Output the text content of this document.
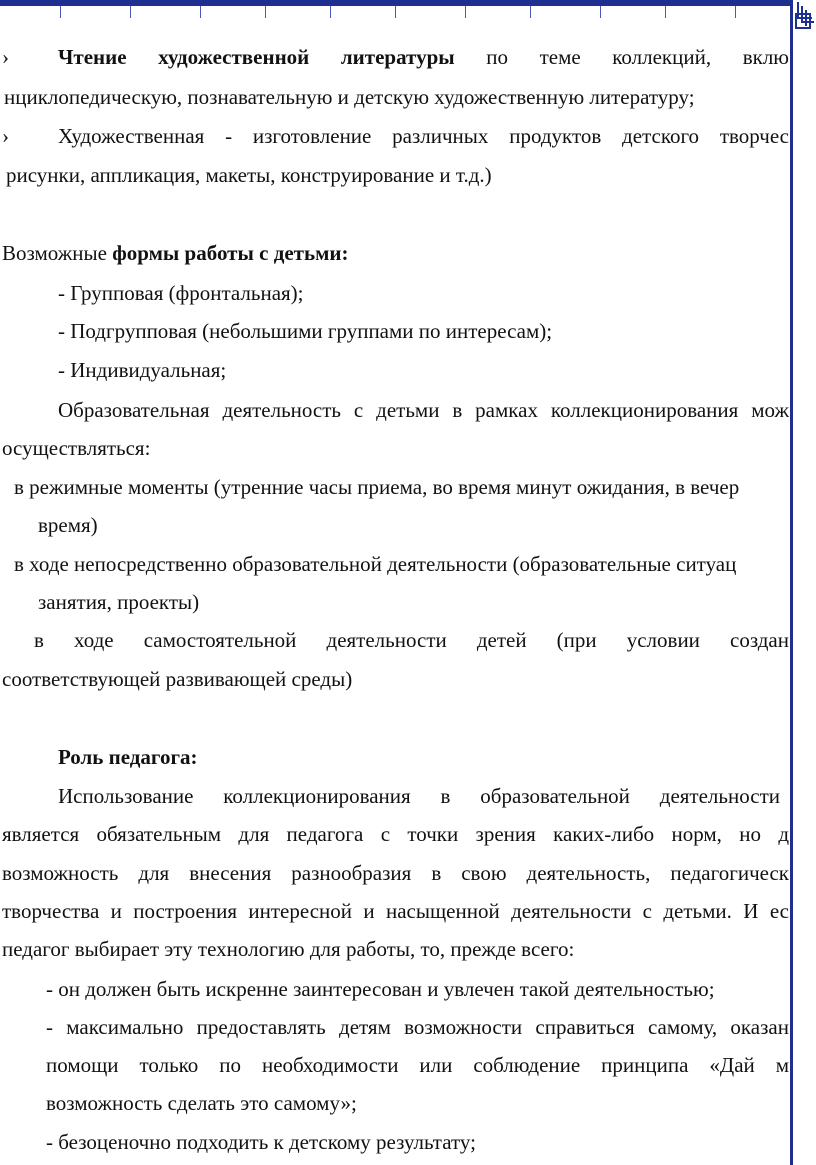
› Чтение художественной литературы по теме коллекций, вклю
нциклопедическую, познавательную и детскую художественную литературу;
› Художественная - изготовление различных продуктов детского творчес
рисунки, аппликация, макеты, конструирование и т.д.)
Возможные формы работы с детьми:
- Групповая (фронтальная);
- Подгрупповая (небольшими группами по интересам);
- Индивидуальная;
Образовательная деятельность с детьми в рамках коллекционирования мож
осуществляться:
в режимные моменты (утренние часы приема, во время минут ожидания, в вечер
время)
в ходе непосредственно образовательной деятельности (образовательные ситуац
занятия, проекты)
в ходе самостоятельной деятельности детей (при условии создан
соответствующей развивающей среды)
Роль педагога:
Использование коллекционирования в образовательной деятельности
является обязательным для педагога с точки зрения каких-либо норм, но д
возможность для внесения разнообразия в свою деятельность, педагогическ
творчества и построения интересной и насыщенной деятельности с детьми. И ес
педагог выбирает эту технологию для работы, то, прежде всего:
- он должен быть искренне заинтересован и увлечен такой деятельностью;
- максимально предоставлять детям возможности справиться самому, оказан
помощи только по необходимости или соблюдение принципа «Дай м
возможность сделать это самому»;
- безоценочно подходить к детскому результату;
